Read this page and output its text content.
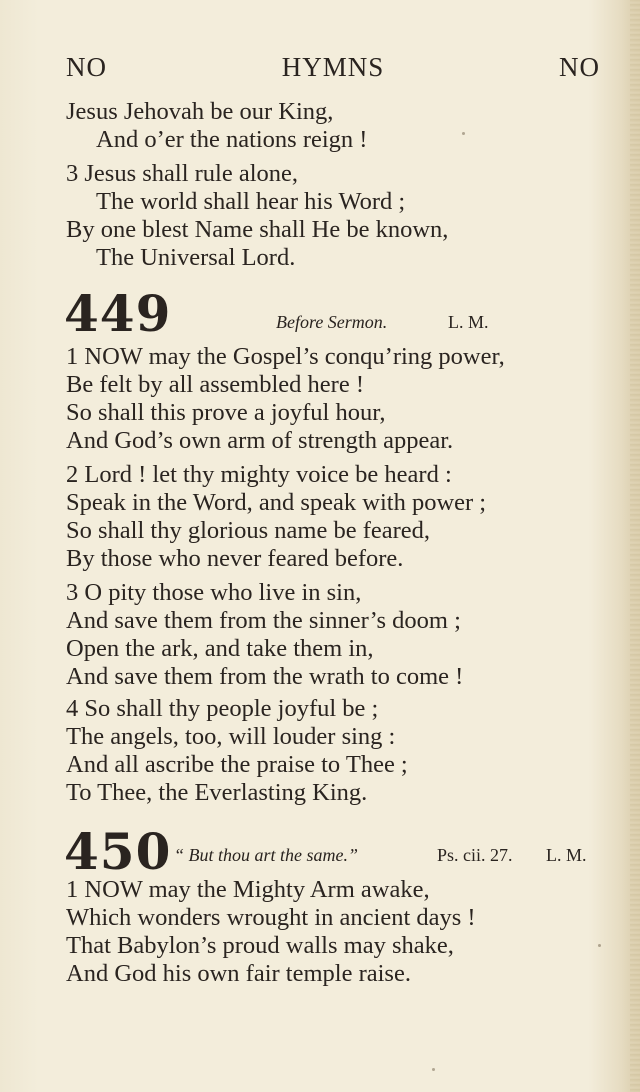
NO	HYMNS	NO
Jesus Jehovah be our King,
And o’er the nations reign !
3 Jesus shall rule alone,
The world shall hear his Word ;
By one blest Name shall He be known,
The Universal Lord.
449	Before Sermon.	L. M.
1 NOW may the Gospel’s conqu’ring power,
Be felt by all assembled here !
So shall this prove a joyful hour,
And God’s own arm of strength appear.
2 Lord ! let thy mighty voice be heard :
Speak in the Word, and speak with power ;
So shall thy glorious name be feared,
By those who never feared before.
3 O pity those who live in sin,
And save them from the sinner’s doom ;
Open the ark, and take them in,
And save them from the wrath to come !
4 So shall thy people joyful be ;
The angels, too, will louder sing :
And all ascribe the praise to Thee ;
To Thee, the Everlasting King.
450 “ But thou art the same.”	Ps. cii. 27. L. M.
1 NOW may the Mighty Arm awake,
Which wonders wrought in ancient days !
That Babylon’s proud walls may shake,
And God his own fair temple raise.
